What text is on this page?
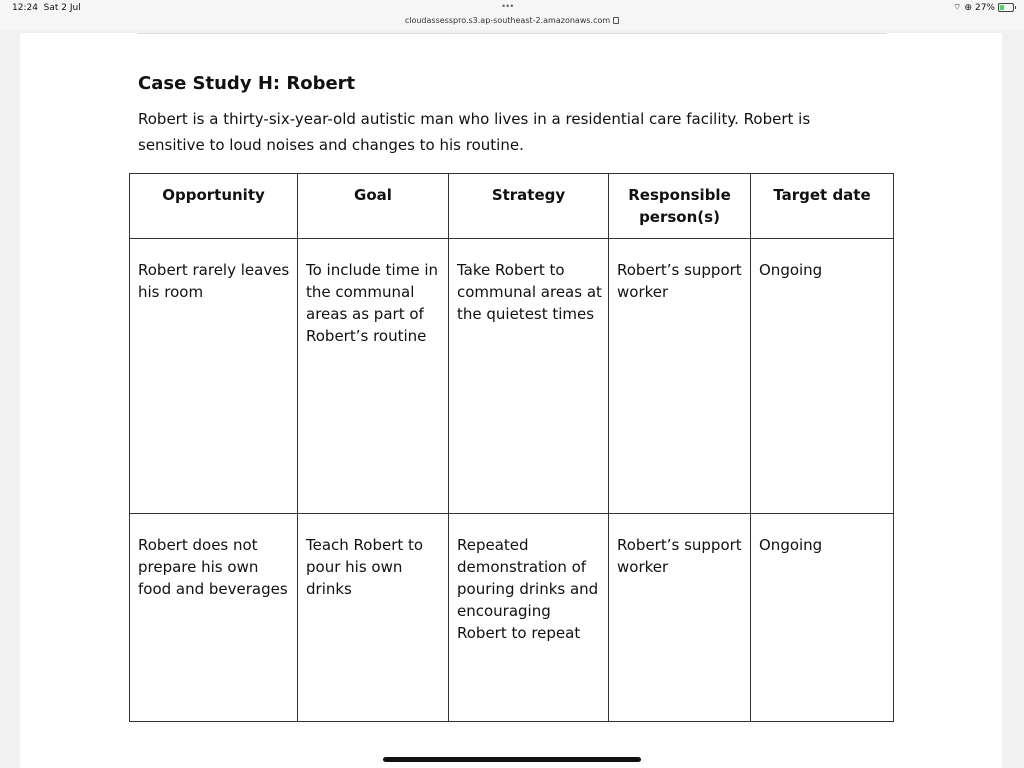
12:24 Sat 2 Jul	•••
cloudassesspro.s3.ap-southeast-2.amazonaws.com
⌔ ⊕ 27%
Case Study H: Robert
Robert is a thirty-six-year-old autistic man who lives in a residential care facility. Robert is sensitive to loud noises and changes to his routine.
Opportunity	Goal	Strategy	Responsible person(s)	Target date
Robert rarely leaves his room	To include time in the communal areas as part of Robert’s routine	Take Robert to communal areas at the quietest times	Robert’s support worker	Ongoing
Robert does not prepare his own food and beverages	Teach Robert to pour his own drinks	Repeated demonstration of pouring drinks and encouraging Robert to repeat	Robert’s support worker	Ongoing
